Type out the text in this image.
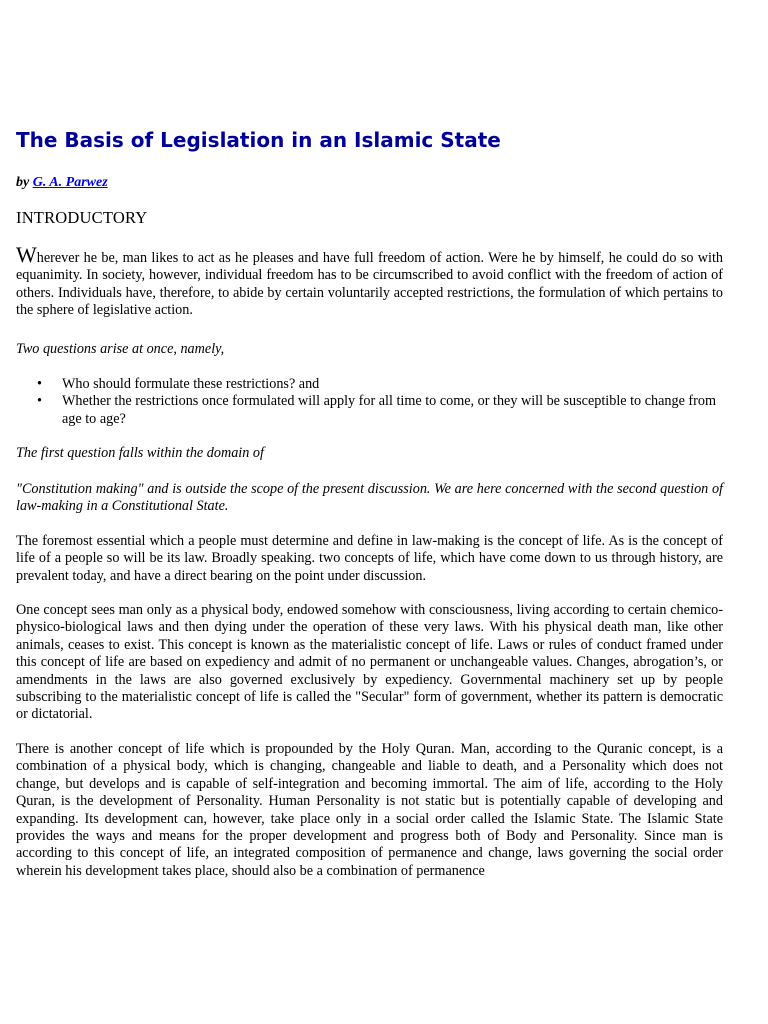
The Basis of Legislation in an Islamic State
by G. A. Parwez
INTRODUCTORY

Wherever he be, man likes to act as he pleases and have full freedom of action. Were he by himself, he could do so with equanimity. In society, however, individual freedom has to be circumscribed to avoid conflict with the freedom of action of others. Individuals have, therefore, to abide by certain voluntarily accepted restrictions, the formulation of which pertains to the sphere of legislative action.

Two questions arise at once, namely,

• Who should formulate these restrictions? and
• Whether the restrictions once formulated will apply for all time to come, or they will be susceptible to change from age to age?

The first question falls within the domain of

"Constitution making" and is outside the scope of the present discussion. We are here concerned with the second question of law-making in a Constitutional State.

The foremost essential which a people must determine and define in law-making is the concept of life. As is the concept of life of a people so will be its law. Broadly speaking. two concepts of life, which have come down to us through history, are prevalent today, and have a direct bearing on the point under discussion.

One concept sees man only as a physical body, endowed somehow with consciousness, living according to certain chemico-physico-biological laws and then dying under the operation of these very laws. With his physical death man, like other animals, ceases to exist. This concept is known as the materialistic concept of life. Laws or rules of conduct framed under this concept of life are based on expediency and admit of no permanent or unchangeable values. Changes, abrogation’s, or amendments in the laws are also governed exclusively by expediency. Governmental machinery set up by people subscribing to the materialistic concept of life is called the "Secular" form of government, whether its pattern is democratic or dictatorial.

There is another concept of life which is propounded by the Holy Quran. Man, according to the Quranic concept, is a combination of a physical body, which is changing, changeable and liable to death, and a Personality which does not change, but develops and is capable of self-integration and becoming immortal. The aim of life, according to the Holy Quran, is the development of Personality. Human Personality is not static but is potentially capable of developing and expanding. Its development can, however, take place only in a social order called the Islamic State. The Islamic State provides the ways and means for the proper development and progress both of Body and Personality. Since man is according to this concept of life, an integrated composition of permanence and change, laws governing the social order wherein his development takes place, should also be a combination of permanence
